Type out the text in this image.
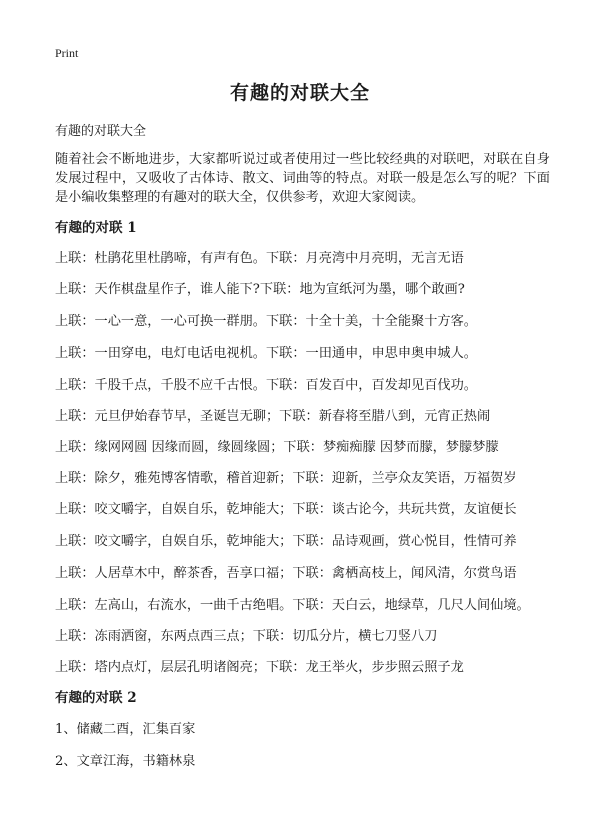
Print
有趣的对联大全

有趣的对联大全

随着社会不断地进步，大家都听说过或者使用过一些比较经典的对联吧，对联在自身发展过程中，又吸收了古体诗、散文、词曲等的特点。对联一般是怎么写的呢？下面是小编收集整理的有趣对的联大全，仅供参考，欢迎大家阅读。

有趣的对联 1

上联：杜鹃花里杜鹃啼，有声有色。下联：月亮湾中月亮明，无言无语

上联：天作棋盘星作子，谁人能下?下联：地为宣纸河为墨，哪个敢画?

上联：一心一意，一心可换一群朋。下联：十全十美，十全能聚十方客。

上联：一田穿电，电灯电话电视机。下联：一田通申，申思申奥申城人。

上联：千股千点，千股不应千古恨。下联：百发百中，百发却见百伐功。

上联：元旦伊始春节早，圣诞岂无聊；下联：新春将至腊八到，元宵正热闹

上联：缘网网圆 因缘而圆，缘圆缘圆；下联：梦痴痴朦 因梦而朦，梦朦梦朦

上联：除夕，雅苑博客情歌，稽首迎新；下联：迎新，兰亭众友笑语，万福贺岁

上联：咬文嚼字，自娱自乐，乾坤能大；下联：谈古论今，共玩共赏，友谊便长

上联：咬文嚼字，自娱自乐，乾坤能大；下联：品诗观画，赏心悦目，性情可养

上联：人居草木中，醉茶香，吾享口福；下联：禽栖高枝上，闻风清，尔赏鸟语

上联：左高山，右流水，一曲千古绝唱。下联：天白云，地绿草，几尺人间仙境。

上联：冻雨洒窗，东两点西三点；下联：切瓜分片，横七刀竖八刀

上联：塔内点灯，层层孔明诸阁亮；下联：龙王举火，步步照云照子龙

有趣的对联 2

1、储藏二酉，汇集百家

2、文章江海，书籍林泉
